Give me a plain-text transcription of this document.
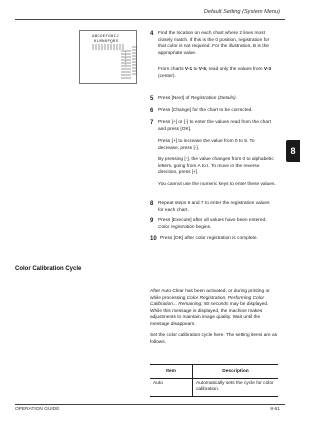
Default Setting (System Menu)
8
ABCDEFGHIJ
KLMNOPQRS
1
2
3
4
5
4 Find the location on each chart where 2 lines most closely match. If this is the 0 position, registration for that color is not required. For the illustration, B is the appropriate value.
From charts V-1 to V-5, read only the values from V-3 (center).
5 Press [Next] of Registration (Details).
6 Press [Change] for the chart to be corrected.
7 Press [+] or [-] to enter the values read from the chart and press [OK].
Press [+] to increase the value from 0 to 9. To decrease, press [-].
By pressing [-], the value changes from 0 to alphabetic letters, going from A to I. To move in the reverse direction, press [+].
You cannot use the numeric keys to enter these values.
8 Repeat steps 6 and 7 to enter the registration values for each chart.
9 Press [Execute] after all values have been entered. Color registration begins.
10 Press [OK] after color registration is complete.
Color Calibration Cycle
After Auto Clear has been activated, or during printing or while processing Color Registration, Performing Color Calibration... Remaining: 50 seconds may be displayed. While this message is displayed, the machine makes adjustments to maintain image quality. Wait until the message disappears.
Set the color calibration cycle here. The setting items are as follows.
Item	Description
Auto	Automatically sets the cycle for color calibration.
OPERATION GUIDE	8-61
